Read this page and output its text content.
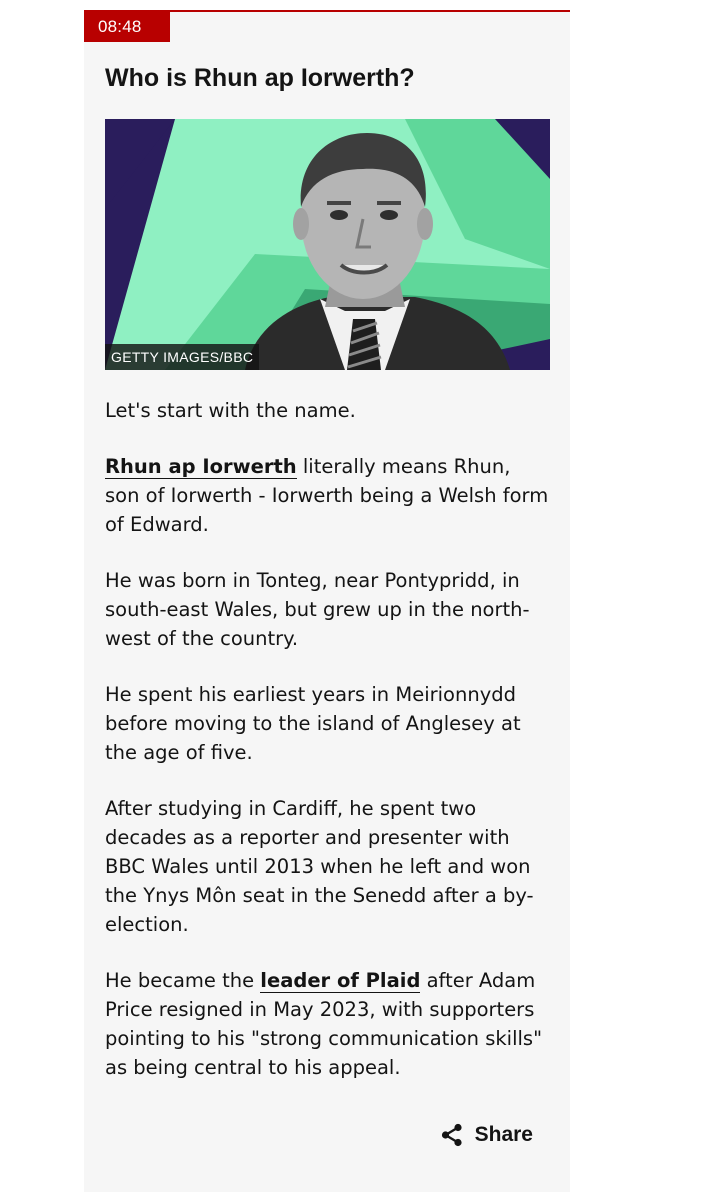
08:48
Who is Rhun ap Iorwerth?
GETTY IMAGES/BBC

Let's start with the name.

Rhun ap Iorwerth literally means Rhun, son of Iorwerth - Iorwerth being a Welsh form of Edward.

He was born in Tonteg, near Pontypridd, in south-east Wales, but grew up in the north-west of the country.

He spent his earliest years in Meirionnydd before moving to the island of Anglesey at the age of five.

After studying in Cardiff, he spent two decades as a reporter and presenter with BBC Wales until 2013 when he left and won the Ynys Môn seat in the Senedd after a by-election.

He became the leader of Plaid after Adam Price resigned in May 2023, with supporters pointing to his "strong communication skills" as being central to his appeal.

Share
